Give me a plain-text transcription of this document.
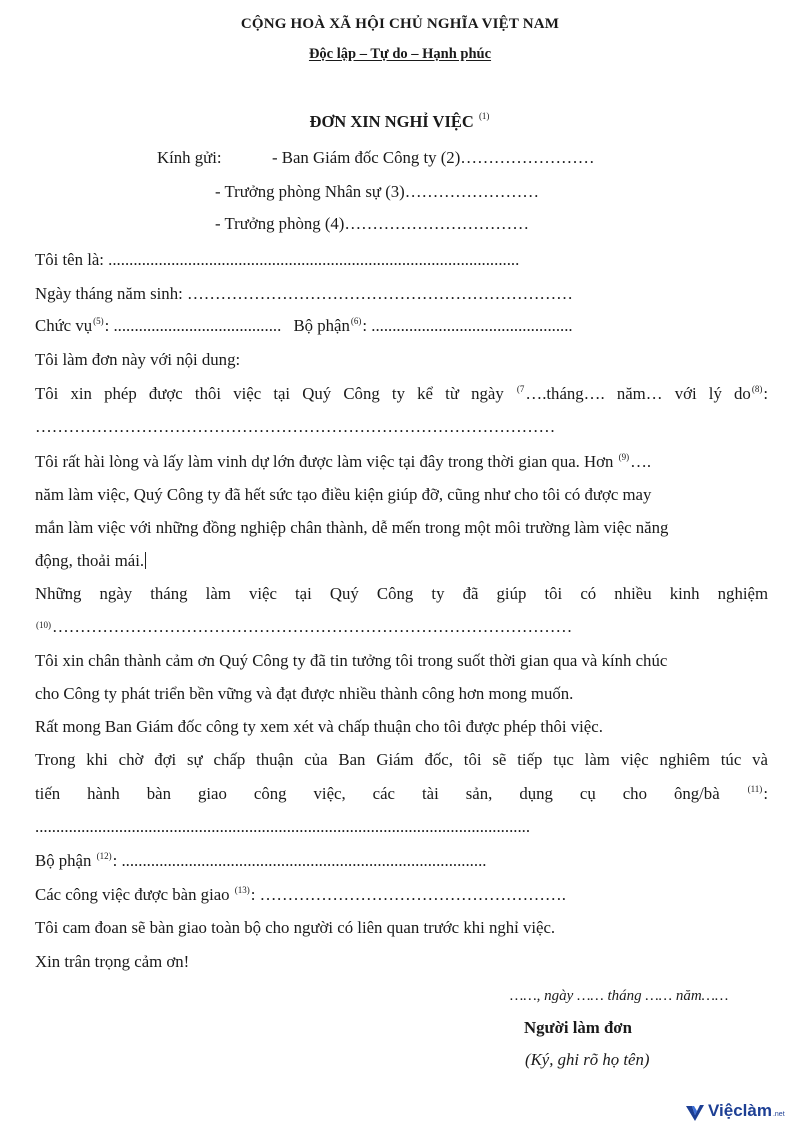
CỘNG HOÀ XÃ HỘI CHỦ NGHĨA VIỆT NAM
Độc lập – Tự do – Hạnh phúc
ĐƠN XIN NGHỈ VIỆC $^{(1)}$
Kính gửi:	- Ban Giám đốc Công ty (2)……………………
- Trưởng phòng Nhân sự (3)……………………
- Trưởng phòng (4)……………………………
Tôi tên là: ..................................................................................................
Ngày tháng năm sinh: ……………………………………………………………
Chức vụ$^{(5)}$: ........................................ Bộ phận$^{(6)}$: ................................................
Tôi làm đơn này với nội dung:
Tôi xin phép được thôi việc tại Quý Công ty kể từ ngày $^{(7}$….tháng…. năm… với lý $do^{(8)}$:
…………………………………………………………………………………
Tôi rất hài lòng và lấy làm vinh dự lớn được làm việc tại đây trong thời gian qua. Hơn $^{(9)}$….
năm làm việc, Quý Công ty đã hết sức tạo điều kiện giúp đỡ, cũng như cho tôi có được may
mắn làm việc với những đồng nghiệp chân thành, dễ mến trong một môi trường làm việc năng
động, thoải mái.
Những ngày tháng làm việc tại Quý Công ty đã giúp tôi có nhiều kinh nghiệm
$^{(10)}$…………………………………………………………………………………
Tôi xin chân thành cảm ơn Quý Công ty đã tin tưởng tôi trong suốt thời gian qua và kính chúc
cho Công ty phát triển bền vững và đạt được nhiều thành công hơn mong muốn.
Rất mong Ban Giám đốc công ty xem xét và chấp thuận cho tôi được phép thôi việc.
Trong khi chờ đợi sự chấp thuận của Ban Giám đốc, tôi sẽ tiếp tục làm việc nghiêm túc và
tiến hành bàn giao công việc, các tài sản, dụng cụ cho ông/bà	$^{(11)}$:
......................................................................................................................
Bộ phận $^{(12)}$: .......................................................................................
Các công việc được bàn giao $^{(13)}$: ……………………………………………….
Tôi cam đoan sẽ bàn giao toàn bộ cho người có liên quan trước khi nghỉ việc.
Xin trân trọng cảm ơn!
……, ngày …… tháng …… năm……
Người làm đơn
(Ký, ghi rõ họ tên)
Việclàm.net
